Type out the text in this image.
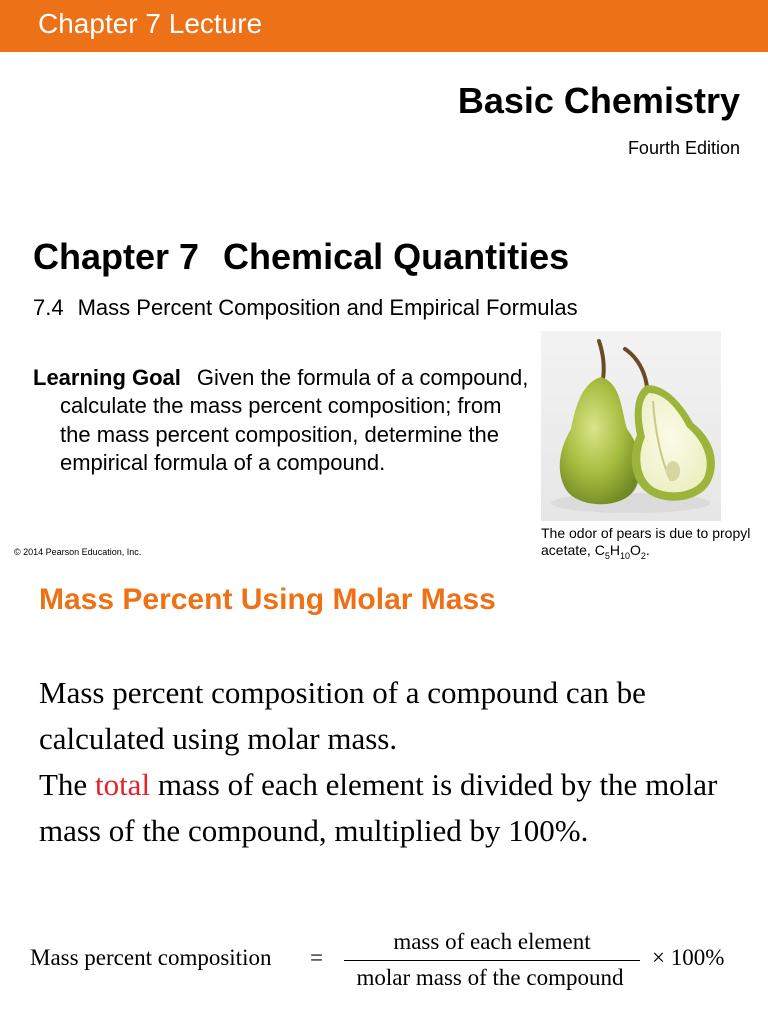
Chapter 7 Lecture
Basic Chemistry
Fourth Edition
Chapter 7 Chemical Quantities
7.4 Mass Percent Composition and Empirical Formulas
Learning Goal Given the formula of a compound, calculate the mass percent composition; from the mass percent composition, determine the empirical formula of a compound.
The odor of pears is due to propyl acetate, $C_5H_{10}O_2$.
© 2014 Pearson Education, Inc.
Mass Percent Using Molar Mass
Mass percent composition of a compound can be calculated using molar mass.
The total mass of each element is divided by the molar mass of the compound, multiplied by 100%.
Mass percent composition =
mass of each element
molar mass of the compound
× 100%
